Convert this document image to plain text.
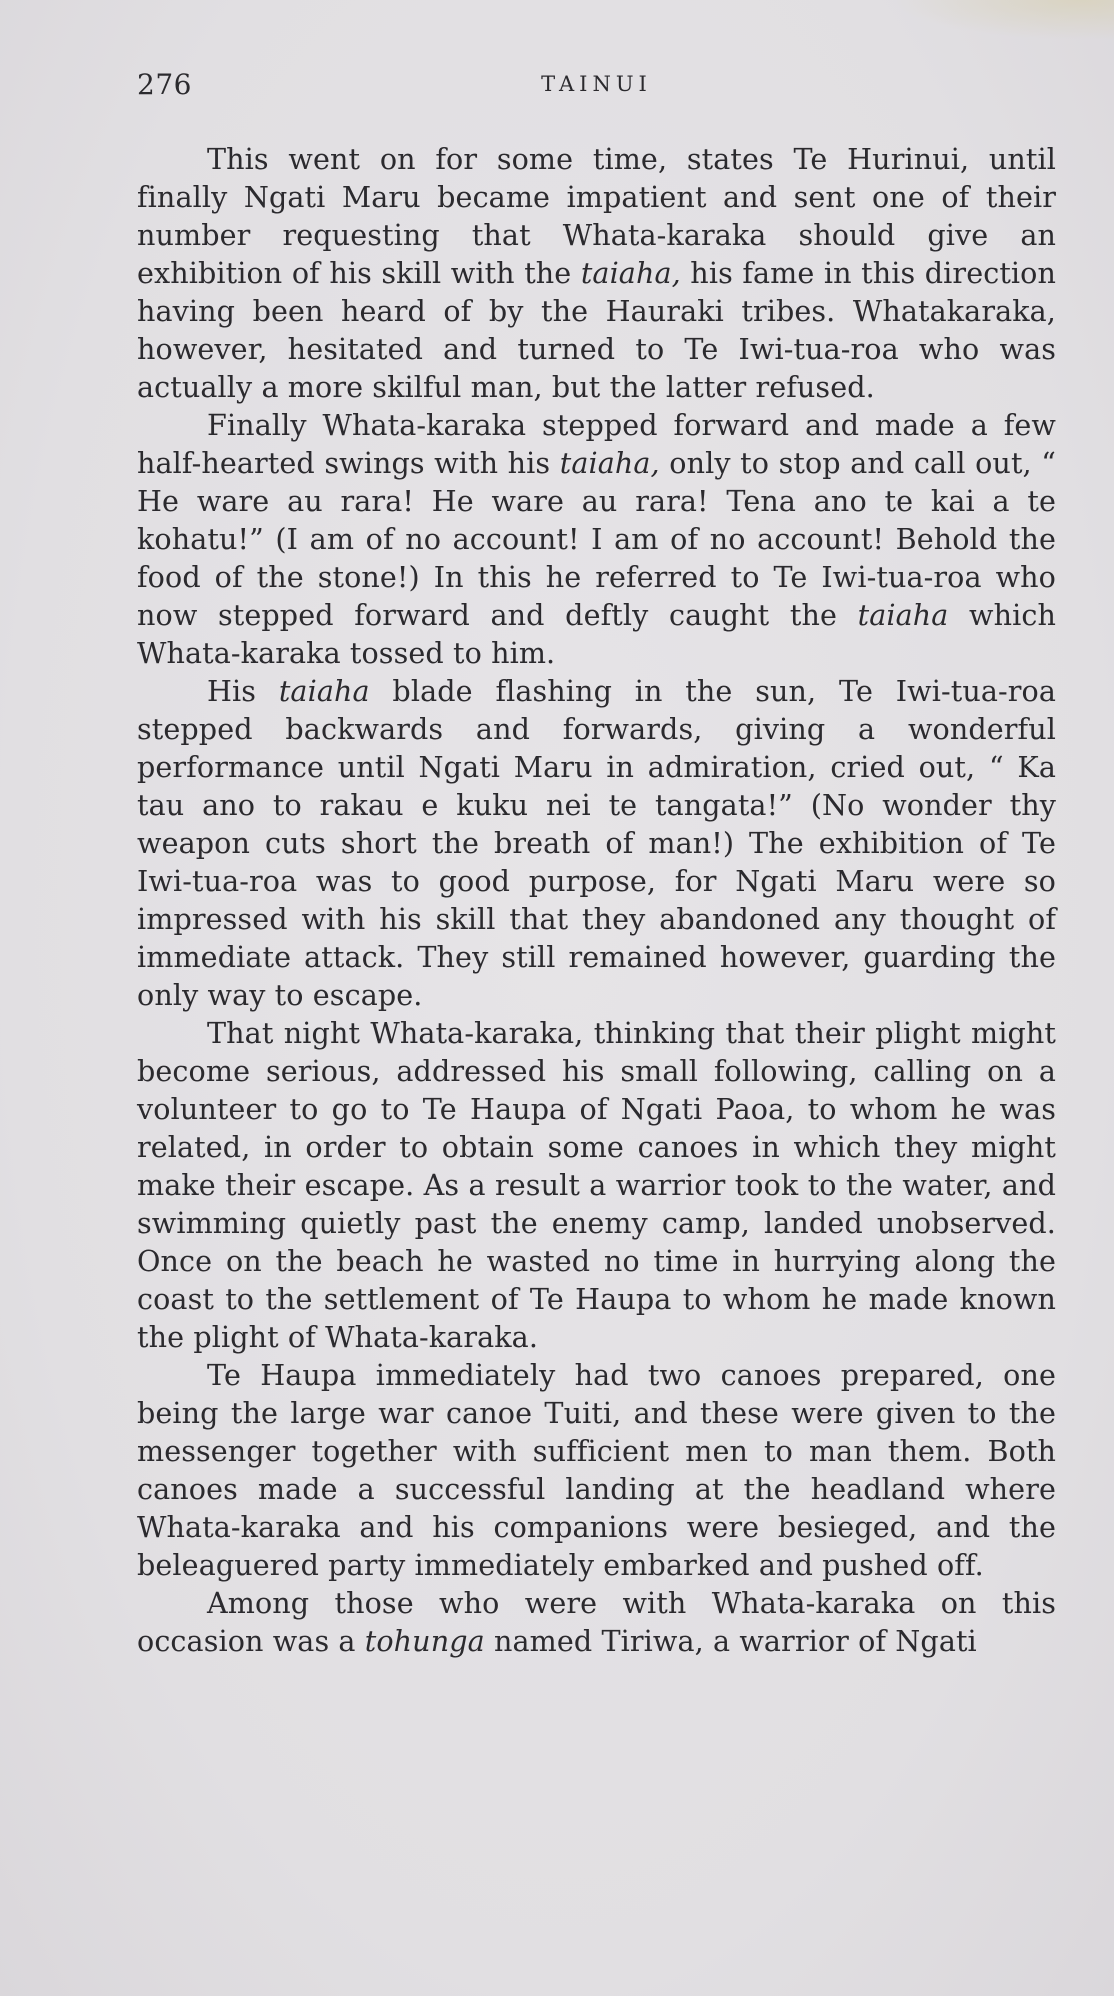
276	TAINUI

This went on for some time, states Te Hurinui, until finally Ngati Maru became impatient and sent one of their number requesting that Whata-karaka should give an exhibition of his skill with the taiaha, his fame in this direction having been heard of by the Hauraki tribes. Whatakaraka, however, hesitated and turned to Te Iwi-tua-roa who was actually a more skilful man, but the latter refused.

Finally Whata-karaka stepped forward and made a few half-hearted swings with his taiaha, only to stop and call out, “ He ware au rara! He ware au rara! Tena ano te kai a te kohatu!” (I am of no account! I am of no account! Behold the food of the stone!) In this he referred to Te Iwi-tua-roa who now stepped forward and deftly caught the taiaha which Whata-karaka tossed to him.

His taiaha blade flashing in the sun, Te Iwi-tua-roa stepped backwards and forwards, giving a wonderful performance until Ngati Maru in admiration, cried out, “ Ka tau ano to rakau e kuku nei te tangata!” (No wonder thy weapon cuts short the breath of man!) The exhibition of Te Iwi-tua-roa was to good purpose, for Ngati Maru were so impressed with his skill that they abandoned any thought of immediate attack. They still remained however, guarding the only way to escape.

That night Whata-karaka, thinking that their plight might become serious, addressed his small following, calling on a volunteer to go to Te Haupa of Ngati Paoa, to whom he was related, in order to obtain some canoes in which they might make their escape. As a result a warrior took to the water, and swimming quietly past the enemy camp, landed unobserved. Once on the beach he wasted no time in hurrying along the coast to the settlement of Te Haupa to whom he made known the plight of Whata-karaka.

Te Haupa immediately had two canoes prepared, one being the large war canoe Tuiti, and these were given to the messenger together with sufficient men to man them. Both canoes made a successful landing at the headland where Whata-karaka and his companions were besieged, and the beleaguered party immediately embarked and pushed off.

Among those who were with Whata-karaka on this occasion was a tohunga named Tiriwa, a warrior of Ngati
